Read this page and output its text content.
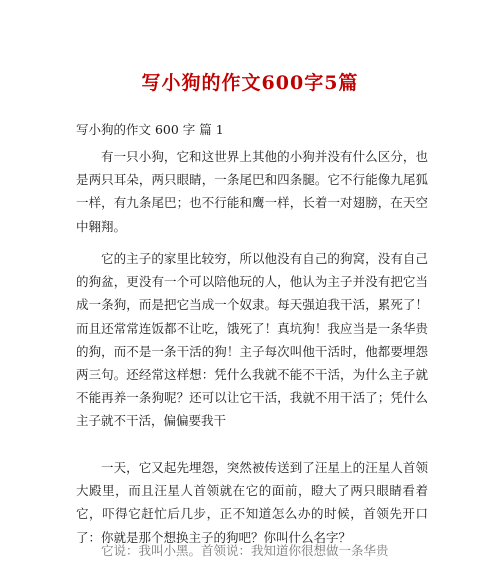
写小狗的作文600字5篇

写小狗的作文 600 字 篇 1

有一只小狗，它和这世界上其他的小狗并没有什么区分，也是两只耳朵，两只眼睛，一条尾巴和四条腿。它不行能像九尾狐一样，有九条尾巴；也不行能和鹰一样，长着一对翅膀，在天空中翱翔。

它的主子的家里比较穷，所以他没有自己的狗窝，没有自己的狗盆，更没有一个可以陪他玩的人，他认为主子并没有把它当成一条狗，而是把它当成一个奴隶。每天强迫我干活，累死了！而且还常常连饭都不让吃，饿死了！真坑狗！我应当是一条华贵的狗，而不是一条干活的狗！主子每次叫他干活时，他都要埋怨两三句。还经常这样想：凭什么我就不能不干活，为什么主子就不能再养一条狗呢？还可以让它干活，我就不用干活了；凭什么主子就不干活，偏偏要我干

一天，它又起先埋怨，突然被传送到了汪星上的汪星人首领大殿里，而且汪星人首领就在它的面前，瞪大了两只眼睛看着它，吓得它赶忙后几步，正不知道怎么办的时候，首领先开口了：你就是那个想换主子的狗吧？你叫什么名字？

它说：我叫小黑。首领说：我知道你很想做一条华贵
